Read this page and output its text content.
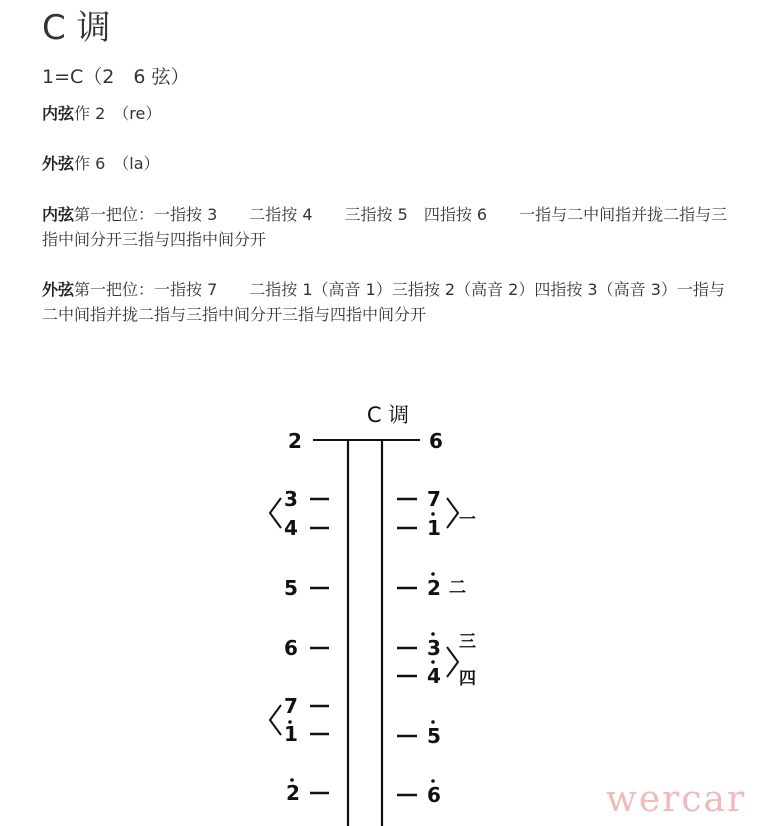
C 调
1=C（2　6 弦）
内弦作 2　（re）
外弦作 6　（la）
内弦第一把位：一指按 3　　二指按 4　　三指按 5　四指按 6　　一指与二中间指并拢二指与三指中间分开三指与四指中间分开
外弦第一把位：一指按 7　　二指按 1（高音 1）三指按 2（高音 2）四指按 3（高音 3）一指与二中间指并拢二指与三指中间分开三指与四指中间分开
C 调
2	6
3
4
5
6
7
1
2
7
1 一
2 二
3
4
三
四
5
6	wercar
